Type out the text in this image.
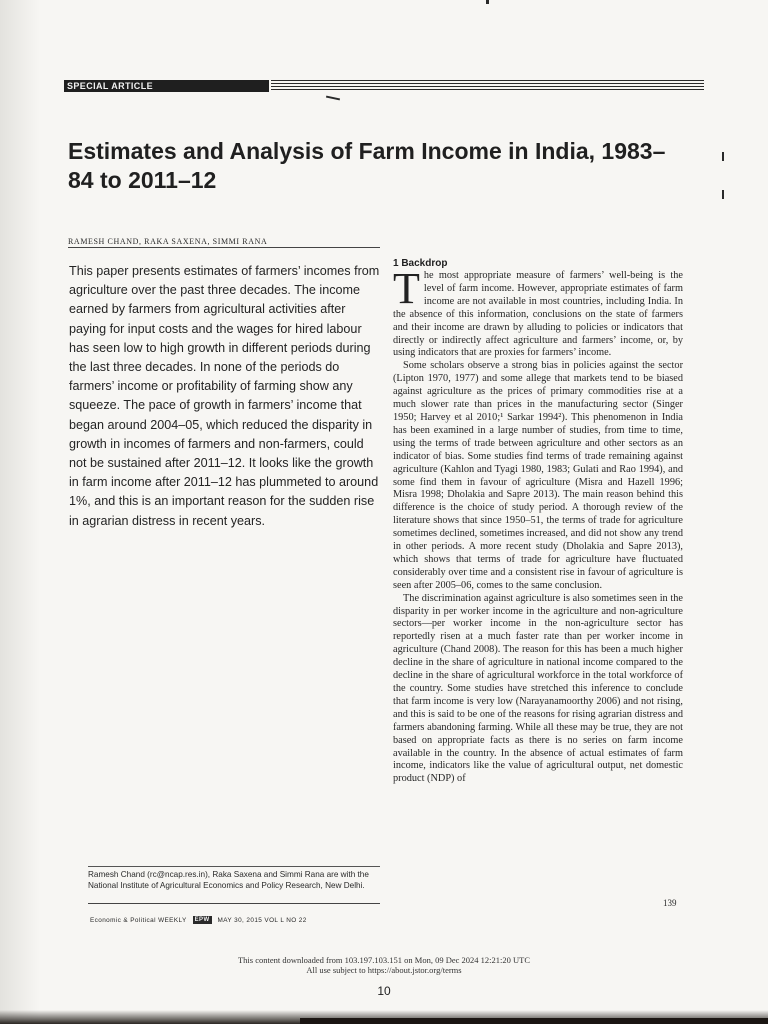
SPECIAL ARTICLE
Estimates and Analysis of Farm Income in India, 1983–84 to 2011–12
RAMESH CHAND, RAKA SAXENA, SIMMI RANA

This paper presents estimates of farmers’ incomes from agriculture over the past three decades. The income earned by farmers from agricultural activities after paying for input costs and the wages for hired labour has seen low to high growth in different periods during the last three decades. In none of the periods do farmers’ income or profitability of farming show any squeeze. The pace of growth in farmers’ income that began around 2004–05, which reduced the disparity in growth in incomes of farmers and non-farmers, could not be sustained after 2011–12. It looks like the growth in farm income after 2011–12 has plummeted to around 1%, and this is an important reason for the sudden rise in agrarian distress in recent years.

1 Backdrop

The most appropriate measure of farmers’ well-being is the level of farm income. However, appropriate estimates of farm income are not available in most countries, including India. In the absence of this information, conclusions on the state of farmers and their income are drawn by alluding to policies or indicators that directly or indirectly affect agriculture and farmers’ income, or, by using indicators that are proxies for farmers’ income.

Some scholars observe a strong bias in policies against the sector (Lipton 1970, 1977) and some allege that markets tend to be biased against agriculture as the prices of primary commodities rise at a much slower rate than prices in the manufacturing sector (Singer 1950; Harvey et al 2010;¹ Sarkar 1994²). This phenomenon in India has been examined in a large number of studies, from time to time, using the terms of trade between agriculture and other sectors as an indicator of bias. Some studies find terms of trade remaining against agriculture (Kahlon and Tyagi 1980, 1983; Gulati and Rao 1994), and some find them in favour of agriculture (Misra and Hazell 1996; Misra 1998; Dholakia and Sapre 2013). The main reason behind this difference is the choice of study period. A thorough review of the literature shows that since 1950–51, the terms of trade for agriculture sometimes declined, sometimes increased, and did not show any trend in other periods. A more recent study (Dholakia and Sapre 2013), which shows that terms of trade for agriculture have fluctuated considerably over time and a consistent rise in favour of agriculture is seen after 2005–06, comes to the same conclusion.

The discrimination against agriculture is also sometimes seen in the disparity in per worker income in the agriculture and non-agriculture sectors—per worker income in the non-agriculture sector has reportedly risen at a much faster rate than per worker income in agriculture (Chand 2008). The reason for this has been a much higher decline in the share of agriculture in national income compared to the decline in the share of agricultural workforce in the total workforce of the country. Some studies have stretched this inference to conclude that farm income is very low (Narayanamoorthy 2006) and not rising, and this is said to be one of the reasons for rising agrarian distress and farmers abandoning farming. While all these may be true, they are not based on appropriate facts as there is no series on farm income available in the country. In the absence of actual estimates of farm income, indicators like the value of agricultural output, net domestic product (NDP) of

Ramesh Chand (rc@ncap.res.in), Raka Saxena and Simmi Rana are with the National Institute of Agricultural Economics and Policy Research, New Delhi.

Economic & Political WEEKLY	EPW	MAY 30, 2015 VOL L NO 22
139
This content downloaded from 103.197.103.151 on Mon, 09 Dec 2024 12:21:20 UTC
All use subject to https://about.jstor.org/terms
10
